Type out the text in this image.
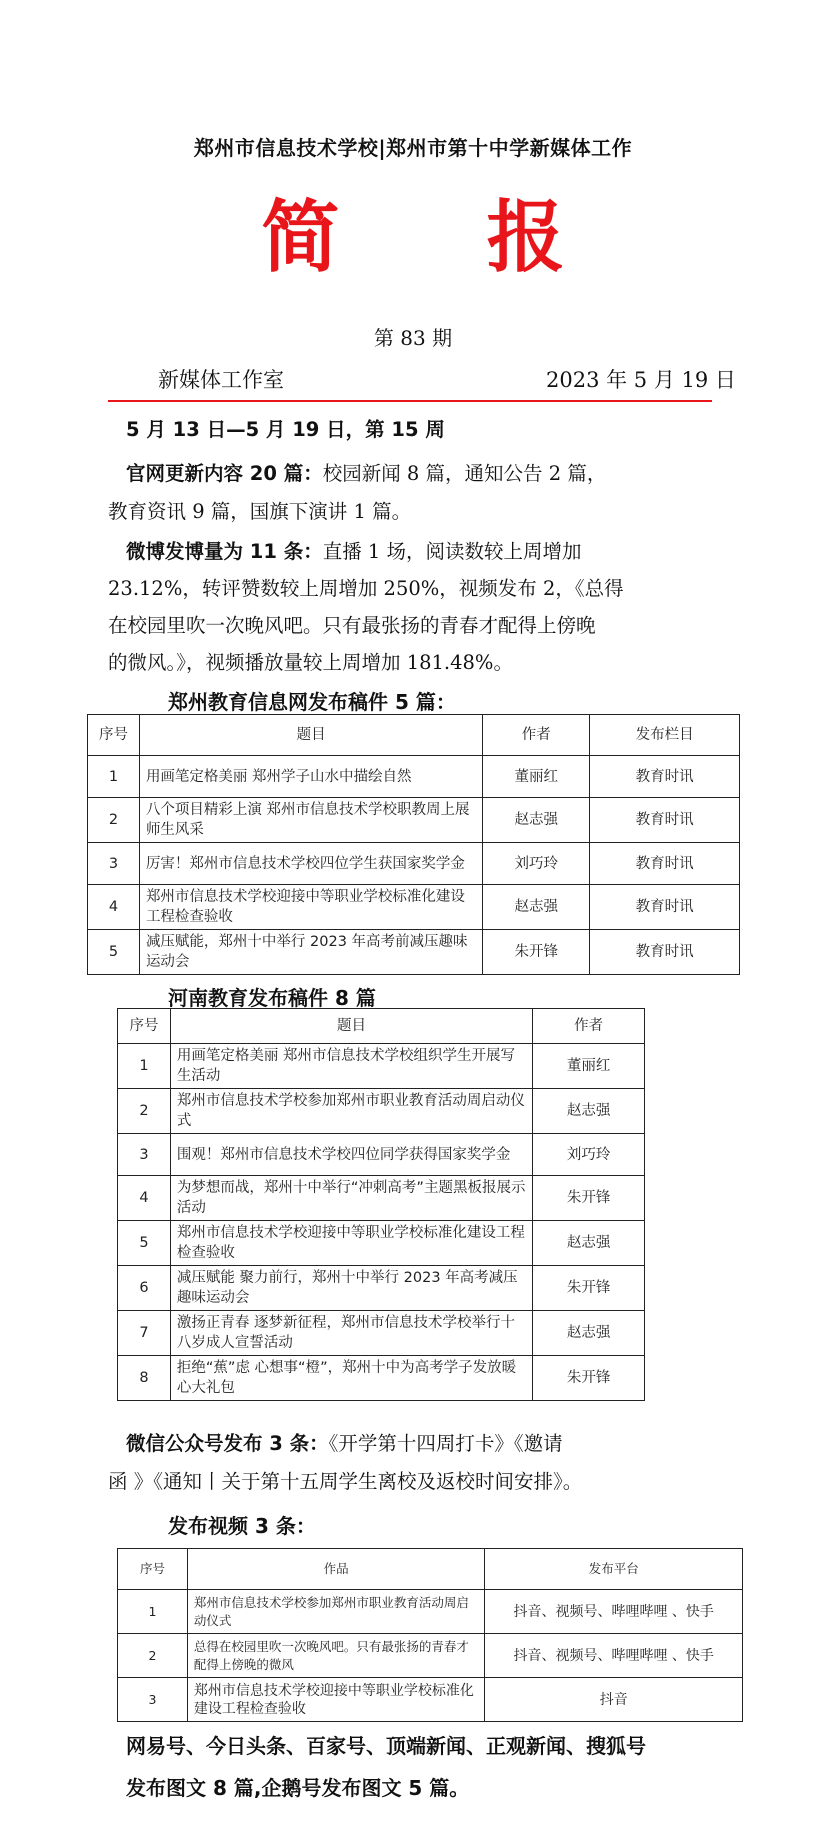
郑州市信息技术学校|郑州市第十中学新媒体工作
简 报
第 83 期
新媒体工作室	2023 年 5 月 19 日
5 月 13 日—5 月 19 日，第 15 周
官网更新内容 20 篇：校园新闻 8 篇，通知公告 2 篇，
教育资讯 9 篇，国旗下演讲 1 篇。
微博发博量为 11 条：直播 1 场，阅读数较上周增加
23.12%，转评赞数较上周增加 250%，视频发布 2，《总得
在校园里吹一次晚风吧。只有最张扬的青春才配得上傍晚
的微风。》，视频播放量较上周增加 181.48%。
郑州教育信息网发布稿件 5 篇：
序号	题目	作者	发布栏目
1	用画笔定格美丽 郑州学子山水中描绘自然	董丽红	教育时讯
2	八个项目精彩上演 郑州市信息技术学校职教周上展师生风采	赵志强	教育时讯
3	厉害！郑州市信息技术学校四位学生获国家奖学金	刘巧玲	教育时讯
4	郑州市信息技术学校迎接中等职业学校标准化建设工程检查验收	赵志强	教育时讯
5	减压赋能，郑州十中举行 2023 年高考前减压趣味运动会	朱开锋	教育时讯
河南教育发布稿件 8 篇
序号	题目	作者
1	用画笔定格美丽 郑州市信息技术学校组织学生开展写生活动	董丽红
2	郑州市信息技术学校参加郑州市职业教育活动周启动仪式	赵志强
3	围观！郑州市信息技术学校四位同学获得国家奖学金	刘巧玲
4	为梦想而战，郑州十中举行“冲刺高考”主题黑板报展示活动	朱开锋
5	郑州市信息技术学校迎接中等职业学校标准化建设工程检查验收	赵志强
6	减压赋能 聚力前行，郑州十中举行 2023 年高考减压趣味运动会	朱开锋
7	激扬正青春 逐梦新征程，郑州市信息技术学校举行十八岁成人宣誓活动	赵志强
8	拒绝“蕉”虑 心想事“橙”，郑州十中为高考学子发放暖心大礼包	朱开锋
微信公众号发布 3 条：《开学第十四周打卡》《邀请
函 》《通知丨关于第十五周学生离校及返校时间安排》。
发布视频 3 条：
序号	作品	发布平台
1	郑州市信息技术学校参加郑州市职业教育活动周启动仪式	抖音、视频号、哔哩哔哩 、快手
2	总得在校园里吹一次晚风吧。只有最张扬的青春才配得上傍晚的微风	抖音、视频号、哔哩哔哩 、快手
3	郑州市信息技术学校迎接中等职业学校标准化建设工程检查验收	抖音
网易号、今日头条、百家号、顶端新闻、正观新闻、搜狐号
发布图文 8 篇,企鹅号发布图文 5 篇。
